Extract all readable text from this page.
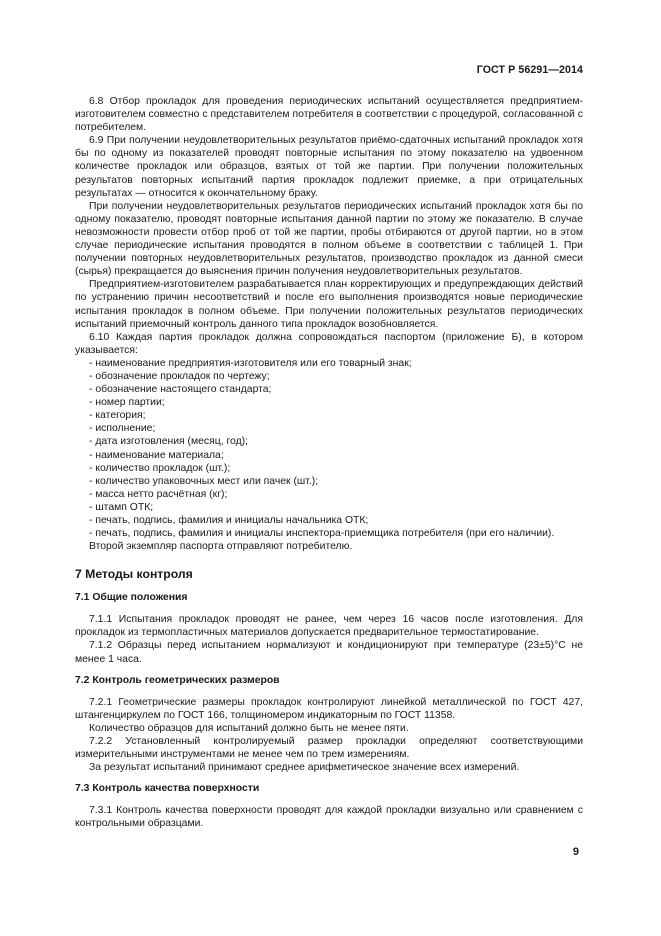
ГОСТ Р 56291—2014

6.8 Отбор прокладок для проведения периодических испытаний осуществляется предприятием-изготовителем совместно с представителем потребителя в соответствии с процедурой, согласованной с потребителем.

6.9 При получении неудовлетворительных результатов приёмо-сдаточных испытаний прокладок хотя бы по одному из показателей проводят повторные испытания по этому показателю на удвоенном количестве прокладок или образцов, взятых от той же партии. При получении положительных результатов повторных испытаний партия прокладок подлежит приемке, а при отрицательных результатах — относится к окончательному браку.

При получении неудовлетворительных результатов периодических испытаний прокладок хотя бы по одному показателю, проводят повторные испытания данной партии по этому же показателю. В случае невозможности провести отбор проб от той же партии, пробы отбираются от другой партии, но в этом случае периодические испытания проводятся в полном объеме в соответствии с таблицей 1. При получении повторных неудовлетворительных результатов, производство прокладок из данной смеси (сырья) прекращается до выяснения причин получения неудовлетворительных результатов.

Предприятием-изготовителем разрабатывается план корректирующих и предупреждающих действий по устранению причин несоответствий и после его выполнения производятся новые периодические испытания прокладок в полном объеме. При получении положительных результатов периодических испытаний приемочный контроль данного типа прокладок возобновляется.

6.10 Каждая партия прокладок должна сопровождаться паспортом (приложение Б), в котором указывается:

- наименование предприятия-изготовителя или его товарный знак;

- обозначение прокладок по чертежу;

- обозначение настоящего стандарта;

- номер партии;

- категория;

- исполнение;

- дата изготовления (месяц, год);

- наименование материала;

- количество прокладок (шт.);

- количество упаковочных мест или пачек (шт.);

- масса нетто расчётная (кг);

- штамп ОТК;

- печать, подпись, фамилия и инициалы начальника ОТК;

- печать, подпись, фамилия и инициалы инспектора-приемщика потребителя (при его наличии).

Второй экземпляр паспорта отправляют потребителю.

7 Методы контроля
7.1 Общие положения

7.1.1 Испытания прокладок проводят не ранее, чем через 16 часов после изготовления. Для прокладок из термопластичных материалов допускается предварительное термостатирование.

7.1.2 Образцы перед испытанием нормализуют и кондиционируют при температуре (23±5)°С не менее 1 часа.

7.2 Контроль геометрических размеров

7.2.1 Геометрические размеры прокладок контролируют линейкой металлической по ГОСТ 427, штангенциркулем по ГОСТ 166, толщиномером индикаторным по ГОСТ 11358.

Количество образцов для испытаний должно быть не менее пяти.

7.2.2 Установленный контролируемый размер прокладки определяют соответствующими измерительными инструментами не менее чем по трем измерениям.

За результат испытаний принимают среднее арифметическое значение всех измерений.

7.3 Контроль качества поверхности

7.3.1 Контроль качества поверхности проводят для каждой прокладки визуально или сравнением с контрольными образцами.

9
